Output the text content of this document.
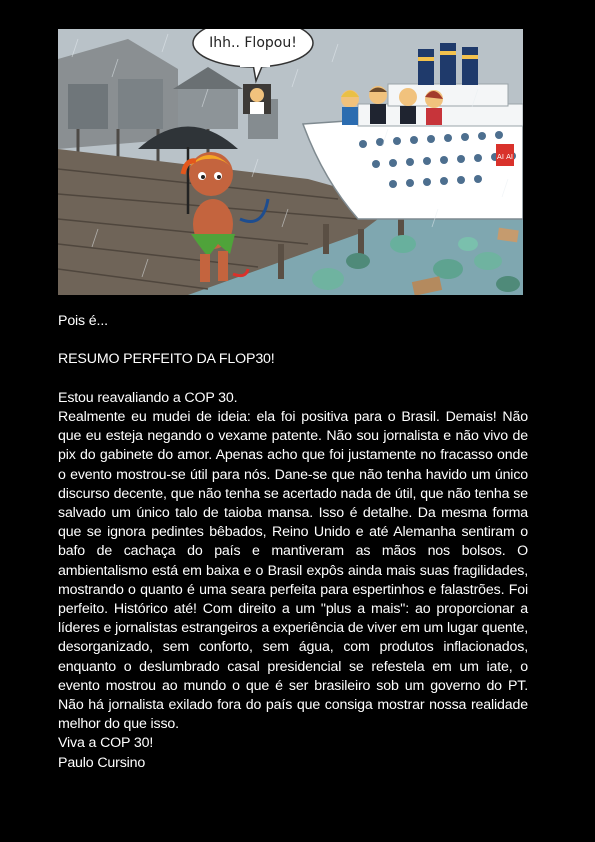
AI AI
Ihh.. Flopou!

Pois é...

RESUMO PERFEITO DA FLOP30!

Estou reavaliando a COP 30.

Realmente eu mudei de ideia: ela foi positiva para o Brasil. Demais! Não que eu esteja negando o vexame patente. Não sou jornalista e não vivo de pix do gabinete do amor. Apenas acho que foi justamente no fracasso onde o evento mostrou-se útil para nós. Dane-se que não tenha havido um único discurso decente, que não tenha se acertado nada de útil, que não tenha se salvado um único talo de taioba mansa. Isso é detalhe. Da mesma forma que se ignora pedintes bêbados, Reino Unido e até Alemanha sentiram o bafo de cachaça do país e mantiveram as mãos nos bolsos. O ambientalismo está em baixa e o Brasil expôs ainda mais suas fragilidades, mostrando o quanto é uma seara perfeita para espertinhos e falastrões. Foi perfeito. Histórico até! Com direito a um "plus a mais": ao proporcionar a líderes e jornalistas estrangeiros a experiência de viver em um lugar quente, desorganizado, sem conforto, sem água, com produtos inflacionados, enquanto o deslumbrado casal presidencial se refestela em um iate, o evento mostrou ao mundo o que é ser brasileiro sob um governo do PT. Não há jornalista exilado fora do país que consiga mostrar nossa realidade melhor do que isso.

Viva a COP 30!

Paulo Cursino
